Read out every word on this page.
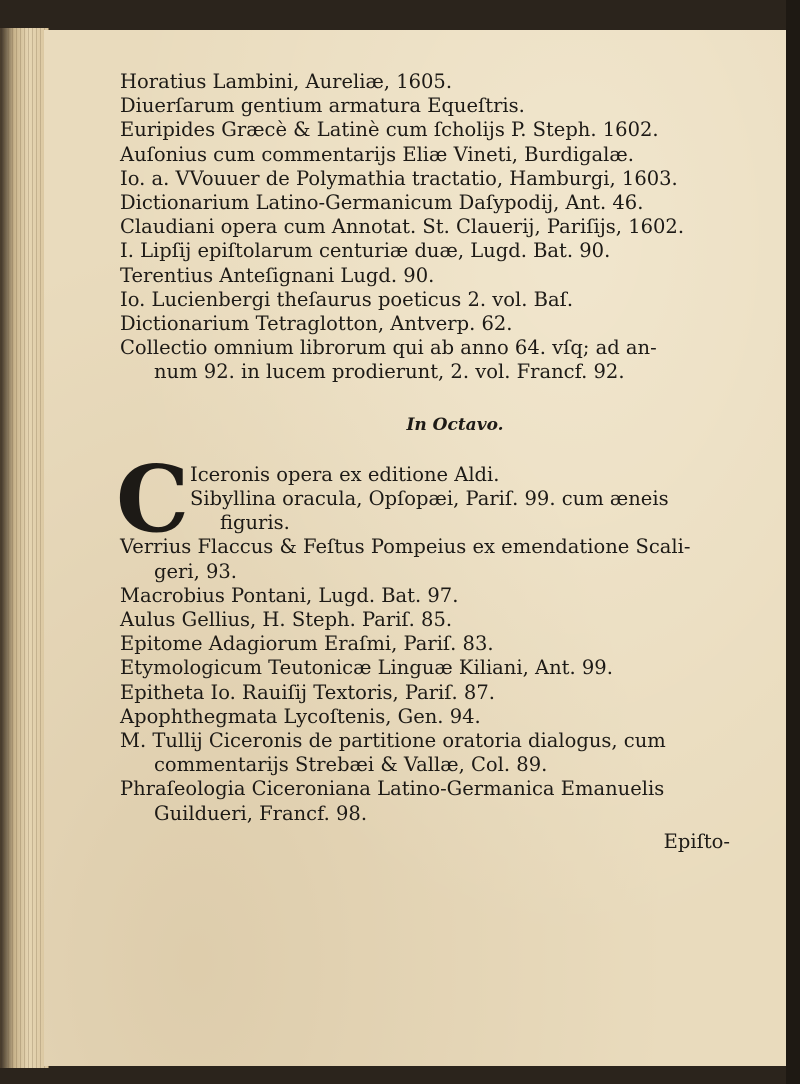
Horatius Lambini, Aureliæ, 1605.
Diuerſarum gentium armatura Equeſtris.
Euripides Græcè & Latinè cum ſcholijs P. Steph. 1602.
Auſonius cum commentarijs Eliæ Vineti, Burdigalæ.
Io. a. VVouuer de Polymathia tractatio, Hamburgi, 1603.
Dictionarium Latino-Germanicum Daſypodij, Ant. 46.
Claudiani opera cum Annotat. St. Clauerij, Pariſijs, 1602.
I. Lipſij epiſtolarum centuriæ duæ, Lugd. Bat. 90.
Terentius Anteſignani Lugd. 90.
Io. Lucienbergi theſaurus poeticus 2. vol. Baſ.
Dictionarium Tetraglotton, Antverp. 62.
Collectio omnium librorum qui ab anno 64. vſq; ad an-
num 92. in lucem prodierunt, 2. vol. Francf. 92.
In Octavo.
C Iceronis opera ex editione Aldi.
Sibyllina oracula, Opſopæi, Pariſ. 99. cum æneis
figuris.
Verrius Flaccus & Feſtus Pompeius ex emendatione Scali-
geri, 93.
Macrobius Pontani, Lugd. Bat. 97.
Aulus Gellius, H. Steph. Pariſ. 85.
Epitome Adagiorum Eraſmi, Pariſ. 83.
Etymologicum Teutonicæ Linguæ Kiliani, Ant. 99.
Epitheta Io. Rauiſij Textoris, Pariſ. 87.
Apophthegmata Lycoſtenis, Gen. 94.
M. Tullij Ciceronis de partitione oratoria dialogus, cum
commentarijs Strebæi & Vallæ, Col. 89.
Phraſeologia Ciceroniana Latino-Germanica Emanuelis
Guildueri, Francf. 98.
Epiſto-
